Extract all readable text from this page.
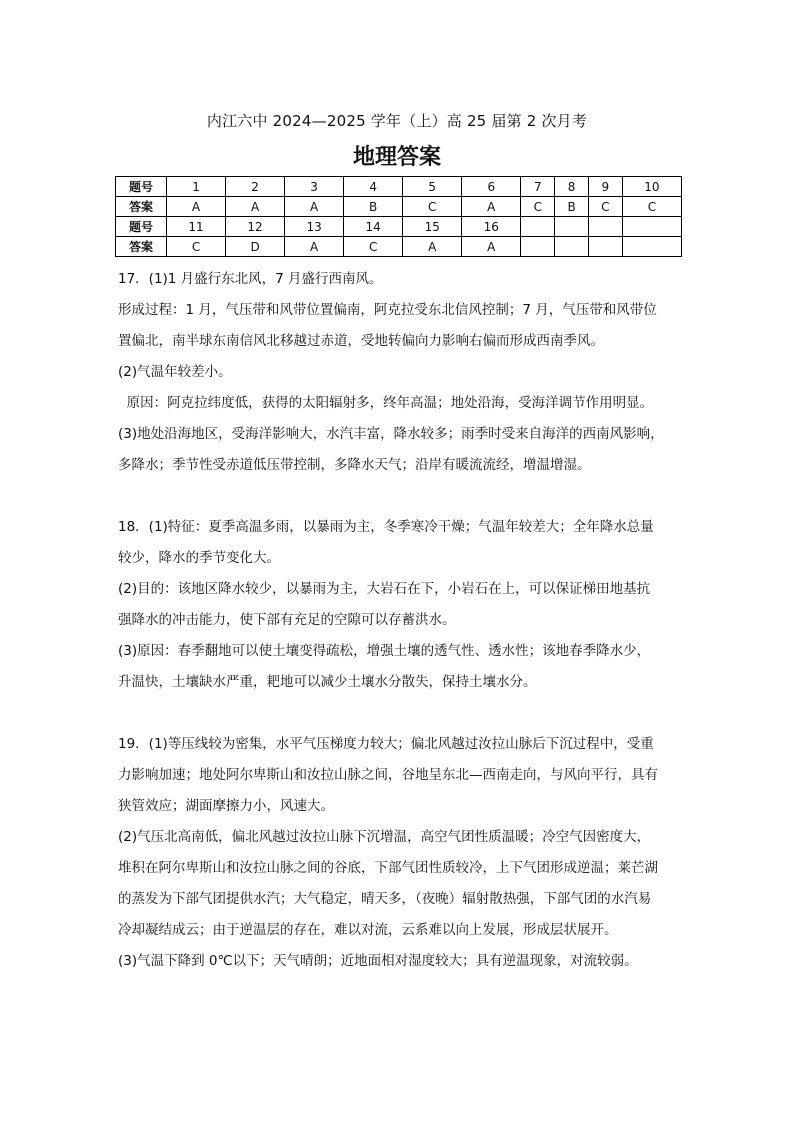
内江六中 2024—2025 学年（上）高 25 届第 2 次月考
地理答案
题号	1	2	3	4	5	6	7	8	9	10
答案	A	A	A	B	C	A	C	B	C	C
题号	11	12	13	14	15	16				
答案	C	D	A	C	A	A				

17．(1)1 月盛行东北风，7 月盛行西南风。

形成过程：1 月，气压带和风带位置偏南，阿克拉受东北信风控制；7 月，气压带和风带位

置偏北，南半球东南信风北移越过赤道，受地转偏向力影响右偏而形成西南季风。

(2)气温年较差小。

原因：阿克拉纬度低，获得的太阳辐射多，终年高温；地处沿海，受海洋调节作用明显。

(3)地处沿海地区，受海洋影响大，水汽丰富，降水较多；雨季时受来自海洋的西南风影响，

多降水；季节性受赤道低压带控制，多降水天气；沿岸有暖流流经，增温增湿。

18．(1)特征：夏季高温多雨，以暴雨为主，冬季寒冷干燥；气温年较差大；全年降水总量

较少，降水的季节变化大。

(2)目的：该地区降水较少，以暴雨为主，大岩石在下，小岩石在上，可以保证梯田地基抗

强降水的冲击能力，使下部有充足的空隙可以存蓄洪水。

(3)原因：春季翻地可以使土壤变得疏松，增强土壤的透气性、透水性；该地春季降水少，

升温快，土壤缺水严重，耙地可以减少土壤水分散失，保持土壤水分。

19．(1)等压线较为密集，水平气压梯度力较大；偏北风越过汝拉山脉后下沉过程中，受重

力影响加速；地处阿尔卑斯山和汝拉山脉之间，谷地呈东北—西南走向，与风向平行，具有

狭管效应；湖面摩擦力小，风速大。

(2)气压北高南低，偏北风越过汝拉山脉下沉增温，高空气团性质温暖；冷空气因密度大，

堆积在阿尔卑斯山和汝拉山脉之间的谷底，下部气团性质较冷，上下气团形成逆温；莱芒湖

的蒸发为下部气团提供水汽；大气稳定，晴天多，（夜晚）辐射散热强，下部气团的水汽易

冷却凝结成云；由于逆温层的存在，难以对流，云系难以向上发展，形成层状展开。

(3)气温下降到 0℃以下；天气晴朗；近地面相对湿度较大；具有逆温现象，对流较弱。
